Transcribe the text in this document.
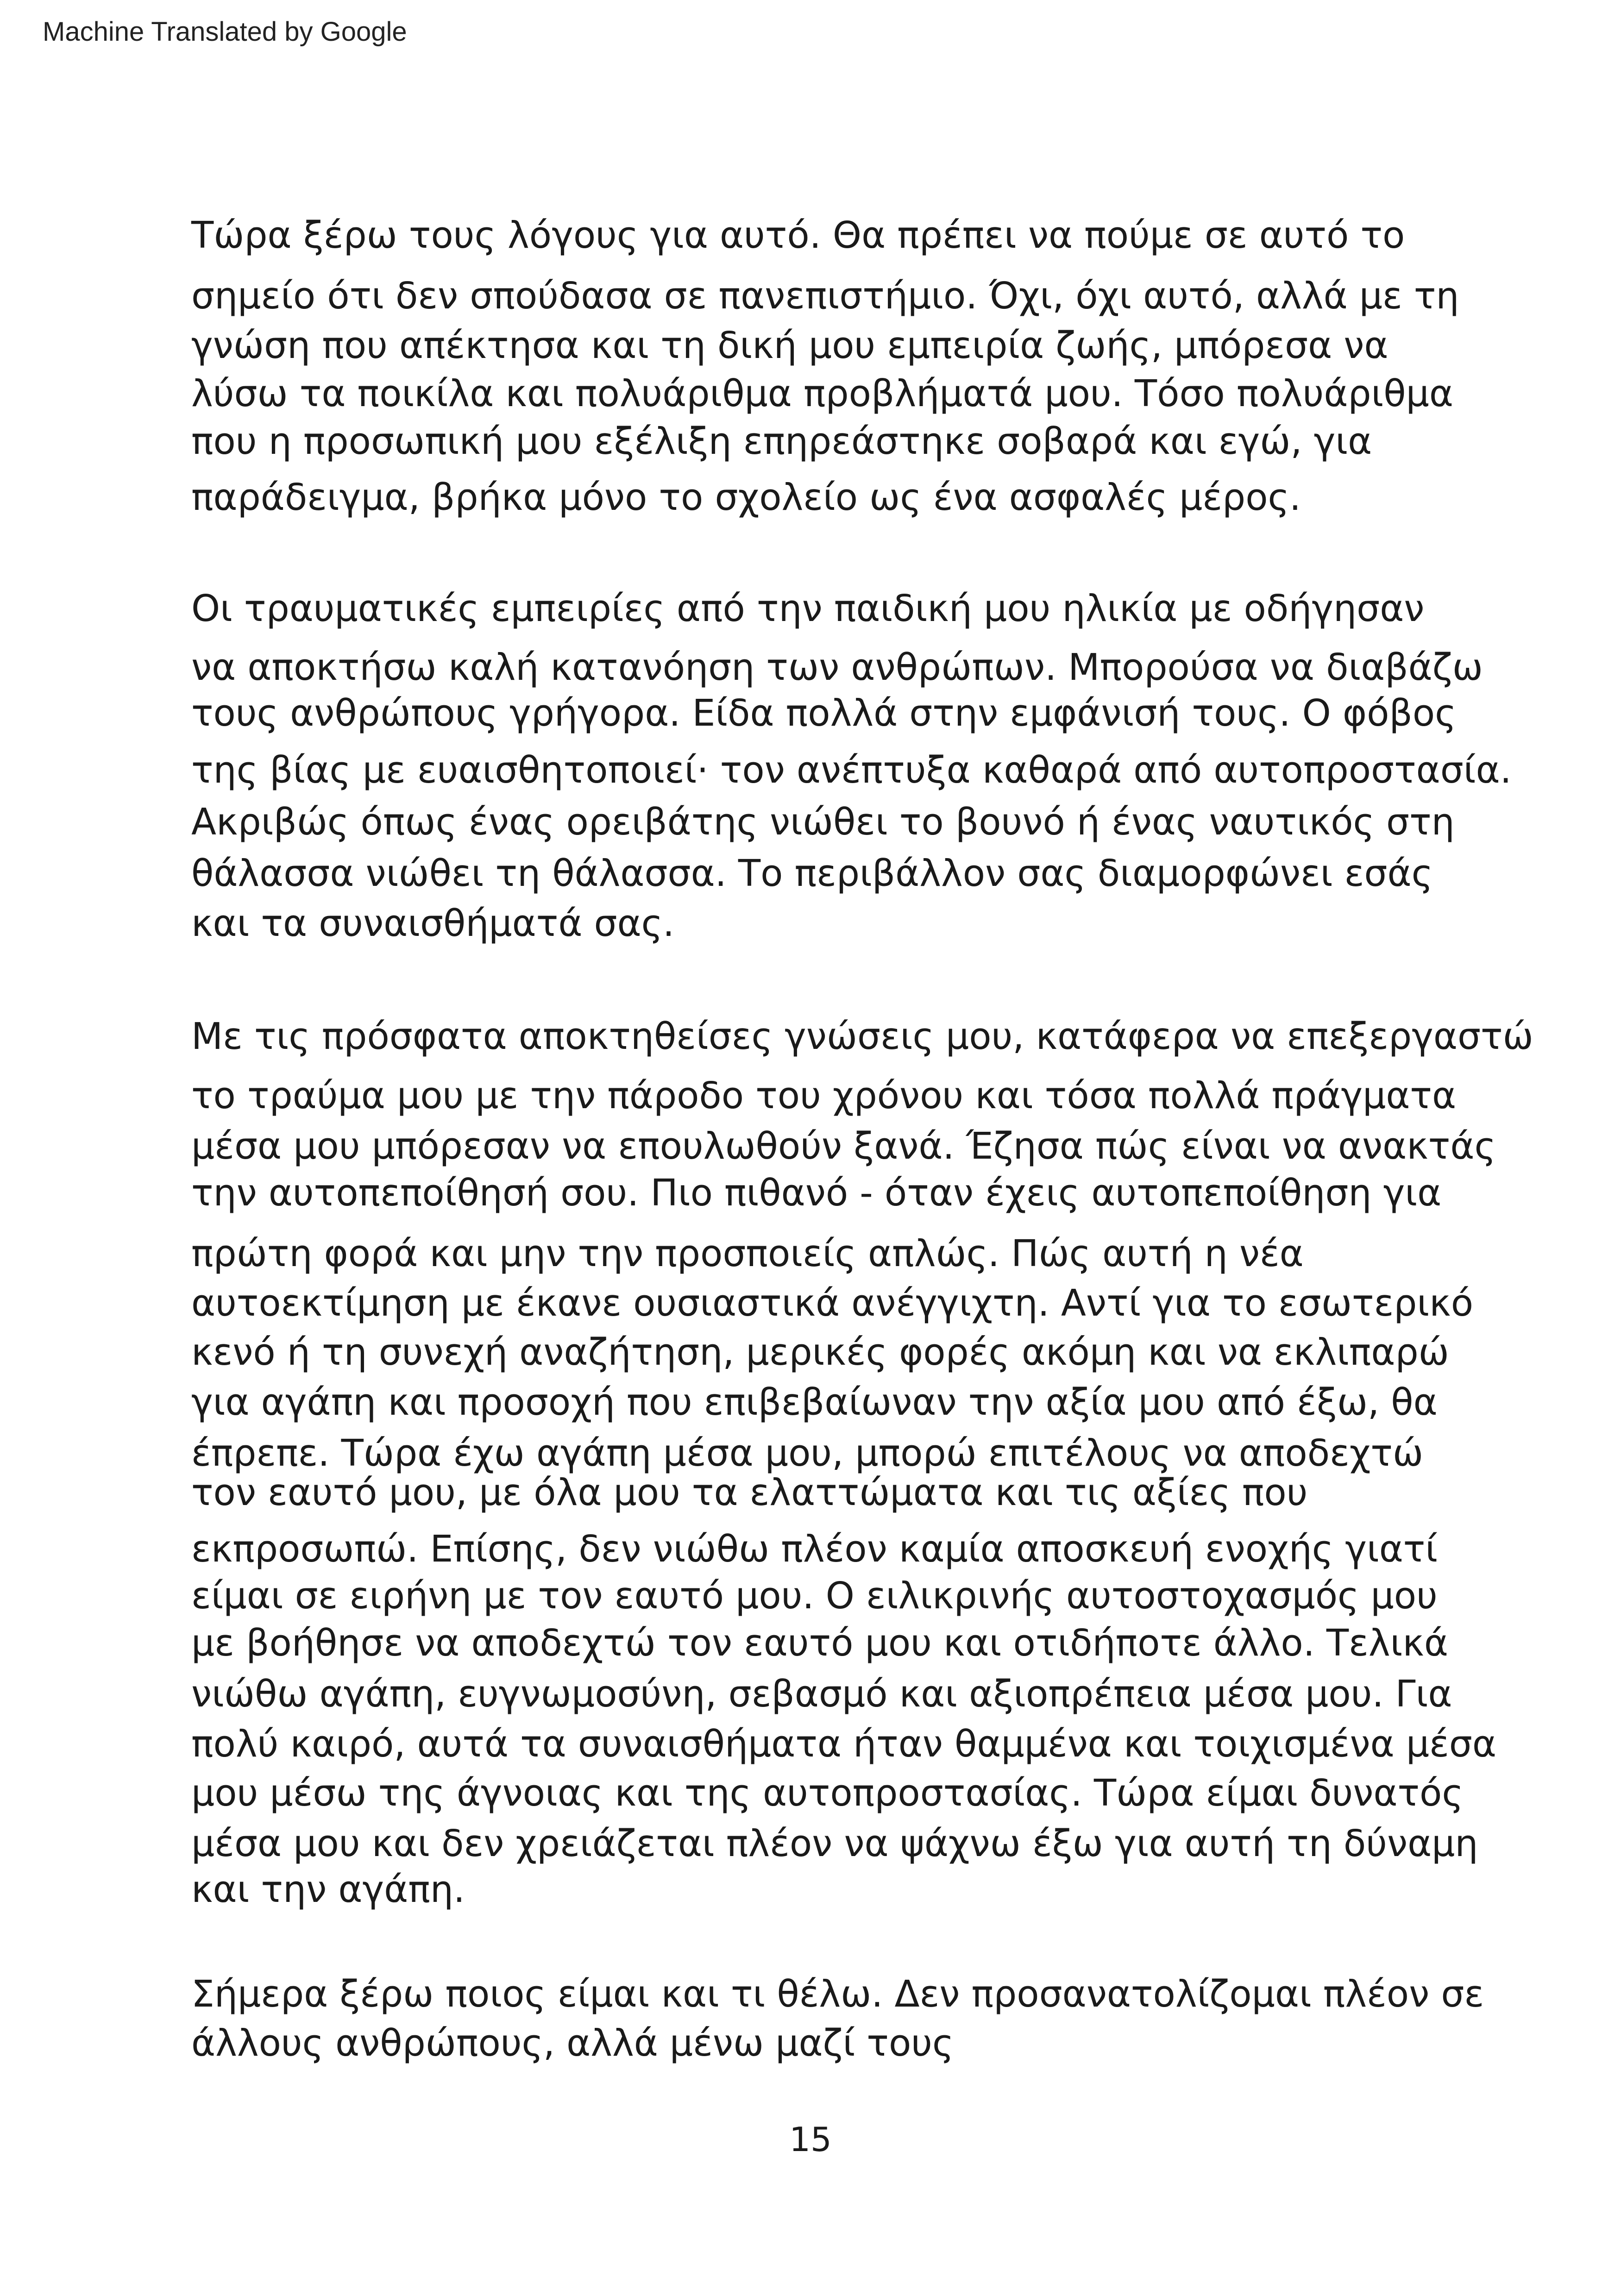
Machine Translated by Google
Τώρα ξέρω τους λόγους για αυτό. Θα πρέπει να πούμε σε αυτό το
σημείο ότι δεν σπούδασα σε πανεπιστήμιο. Όχι, όχι αυτό, αλλά με τη
γνώση που απέκτησα και τη δική μου εμπειρία ζωής, μπόρεσα να
λύσω τα ποικίλα και πολυάριθμα προβλήματά μου. Τόσο πολυάριθμα
που η προσωπική μου εξέλιξη επηρεάστηκε σοβαρά και εγώ, για
παράδειγμα, βρήκα μόνο το σχολείο ως ένα ασφαλές μέρος.
Οι τραυματικές εμπειρίες από την παιδική μου ηλικία με οδήγησαν
να αποκτήσω καλή κατανόηση των ανθρώπων. Μπορούσα να διαβάζω
τους ανθρώπους γρήγορα. Είδα πολλά στην εμφάνισή τους. Ο φόβος
της βίας με ευαισθητοποιεί· τον ανέπτυξα καθαρά από αυτοπροστασία.
Ακριβώς όπως ένας ορειβάτης νιώθει το βουνό ή ένας ναυτικός στη
θάλασσα νιώθει τη θάλασσα. Το περιβάλλον σας διαμορφώνει εσάς
και τα συναισθήματά σας.
Με τις πρόσφατα αποκτηθείσες γνώσεις μου, κατάφερα να επεξεργαστώ
το τραύμα μου με την πάροδο του χρόνου και τόσα πολλά πράγματα
μέσα μου μπόρεσαν να επουλωθούν ξανά. Έζησα πώς είναι να ανακτάς
την αυτοπεποίθησή σου. Πιο πιθανό - όταν έχεις αυτοπεποίθηση για
πρώτη φορά και μην την προσποιείς απλώς. Πώς αυτή η νέα
αυτοεκτίμηση με έκανε ουσιαστικά ανέγγιχτη. Αντί για το εσωτερικό
κενό ή τη συνεχή αναζήτηση, μερικές φορές ακόμη και να εκλιπαρώ
για αγάπη και προσοχή που επιβεβαίωναν την αξία μου από έξω, θα
έπρεπε. Τώρα έχω αγάπη μέσα μου, μπορώ επιτέλους να αποδεχτώ
τον εαυτό μου, με όλα μου τα ελαττώματα και τις αξίες που
εκπροσωπώ. Επίσης, δεν νιώθω πλέον καμία αποσκευή ενοχής γιατί
είμαι σε ειρήνη με τον εαυτό μου. Ο ειλικρινής αυτοστοχασμός μου
με βοήθησε να αποδεχτώ τον εαυτό μου και οτιδήποτε άλλο. Τελικά
νιώθω αγάπη, ευγνωμοσύνη, σεβασμό και αξιοπρέπεια μέσα μου. Για
πολύ καιρό, αυτά τα συναισθήματα ήταν θαμμένα και τοιχισμένα μέσα
μου μέσω της άγνοιας και της αυτοπροστασίας. Τώρα είμαι δυνατός
μέσα μου και δεν χρειάζεται πλέον να ψάχνω έξω για αυτή τη δύναμη
και την αγάπη.
Σήμερα ξέρω ποιος είμαι και τι θέλω. Δεν προσανατολίζομαι πλέον σε
άλλους ανθρώπους, αλλά μένω μαζί τους
15
